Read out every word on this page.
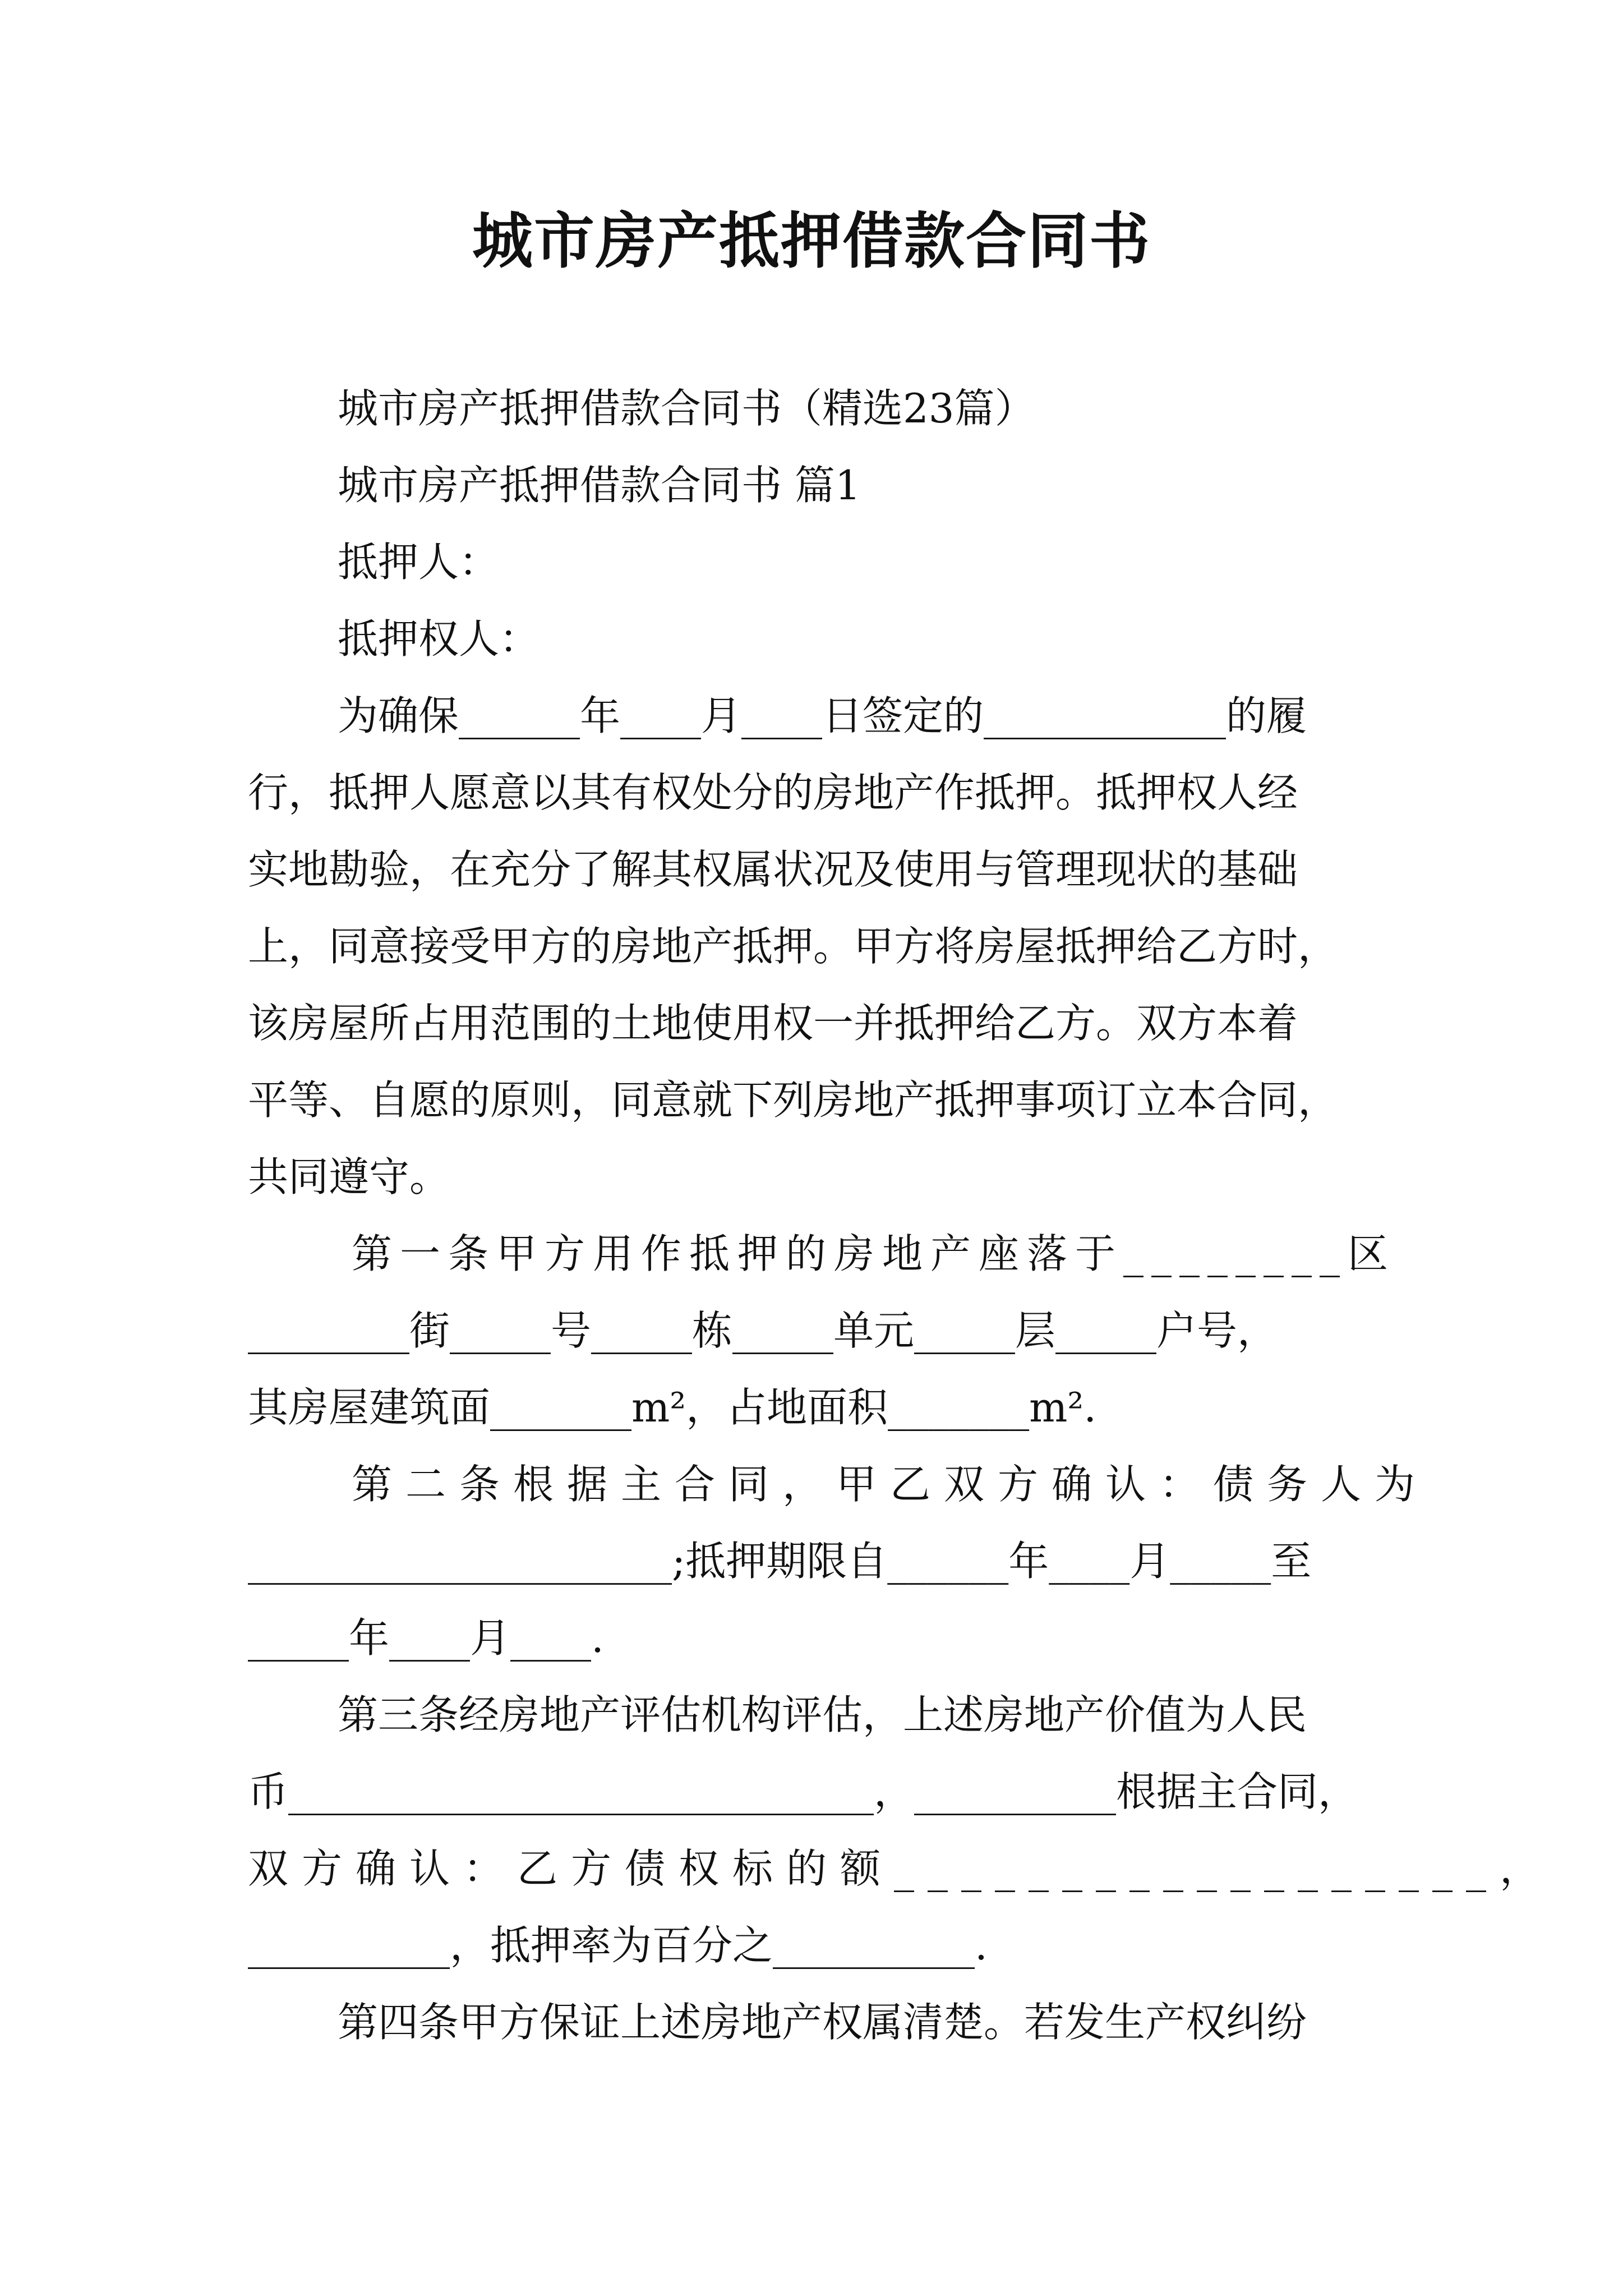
城市房产抵押借款合同书

城市房产抵押借款合同书（精选23篇）

城市房产抵押借款合同书 篇1

抵押人：

抵押权人：

为确保______年____月____日签定的____________的履

行，抵押人愿意以其有权处分的房地产作抵押。抵押权人经

实地勘验，在充分了解其权属状况及使用与管理现状的基础

上，同意接受甲方的房地产抵押。甲方将房屋抵押给乙方时，

该房屋所占用范围的土地使用权一并抵押给乙方。双方本着

平等、自愿的原则，同意就下列房地产抵押事项订立本合同，

共同遵守。

第一条甲方用作抵押的房地产座落于________区

________街_____号_____栋_____单元_____层_____户号，

其房屋建筑面_______m²，占地面积_______m².

第二条根据主合同，甲乙双方确认：债务人为

_____________________;抵押期限自______年____月_____至

_____年____月____.

第三条经房地产评估机构评估，上述房地产价值为人民

币_____________________________，__________根据主合同，

双方确认：乙方债权标的额__________________，

__________，抵押率为百分之__________.

第四条甲方保证上述房地产权属清楚。若发生产权纠纷
